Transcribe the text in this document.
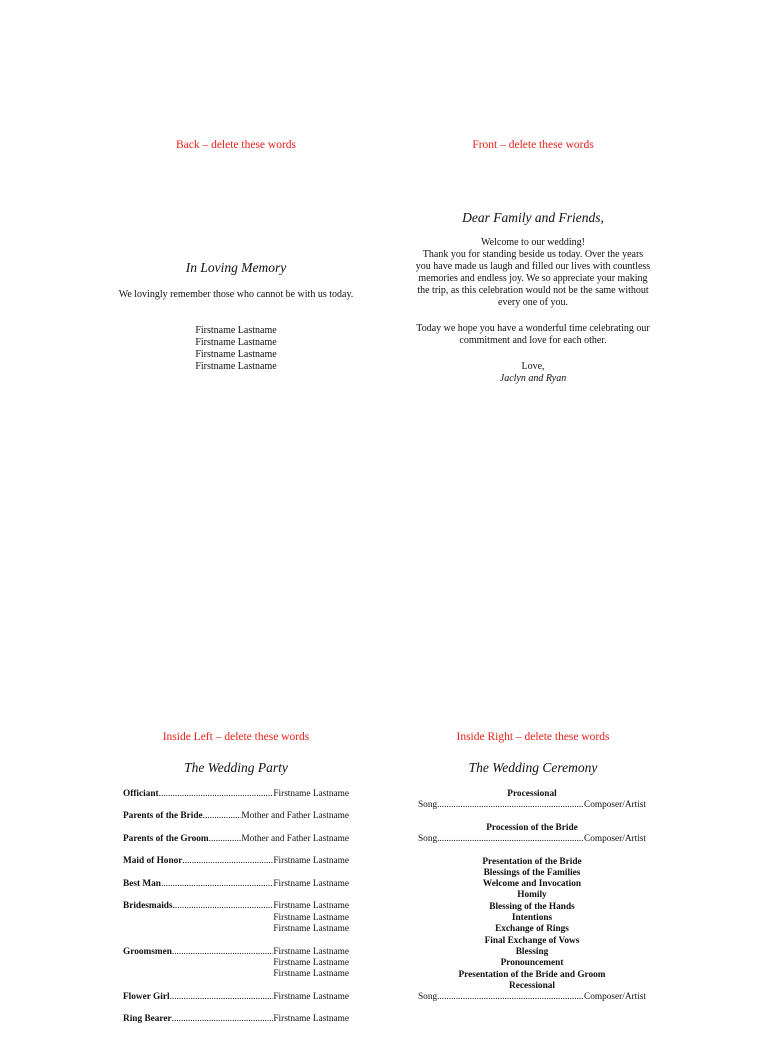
Back – delete these words
In Loving Memory
We lovingly remember those who cannot be with us today.
Firstname Lastname
Firstname Lastname
Firstname Lastname
Firstname Lastname
Front – delete these words
Dear Family and Friends,
Welcome to our wedding!
Thank you for standing beside us today. Over the years you have made us laugh and filled our lives with countless memories and endless joy. We so appreciate your making the trip, as this celebration would not be the same without every one of you.
Today we hope you have a wonderful time celebrating our commitment and love for each other.
Love,
Jaclyn and Ryan
Inside Left – delete these words
The Wedding Party
Officiant .....	Firstname Lastname
Parents of the Bride .....	Mother and Father Lastname
Parents of the Groom .....	Mother and Father Lastname
Maid of Honor .....	Firstname Lastname
Best Man .....	Firstname Lastname
Bridesmaids .....	Firstname Lastname
Firstname Lastname
Firstname Lastname
Groomsmen .....	Firstname Lastname
Firstname Lastname
Firstname Lastname
Flower Girl .....	Firstname Lastname
Ring Bearer .....	Firstname Lastname
Inside Right – delete these words
The Wedding Ceremony
Processional
Song .....	Composer/Artist
Procession of the Bride
Song .....	Composer/Artist
Presentation of the Bride
Blessings of the Families
Welcome and Invocation
Homily
Blessing of the Hands
Intentions
Exchange of Rings
Final Exchange of Vows
Blessing
Pronouncement
Presentation of the Bride and Groom
Recessional
Song .....	Composer/Artist
